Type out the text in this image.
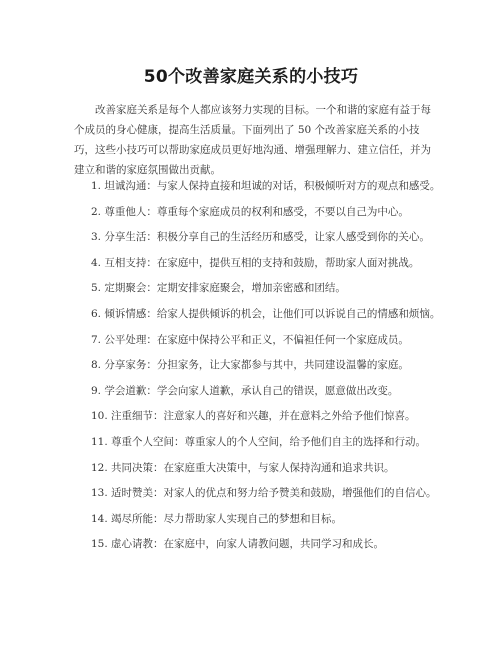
50个改善家庭关系的小技巧

改善家庭关系是每个人都应该努力实现的目标。一个和谐的家庭有益于每个成员的身心健康，提高生活质量。下面列出了 50 个改善家庭关系的小技巧，这些小技巧可以帮助家庭成员更好地沟通、增强理解力、建立信任，并为建立和谐的家庭氛围做出贡献。

1. 坦诚沟通：与家人保持直接和坦诚的对话，积极倾听对方的观点和感受。
2. 尊重他人：尊重每个家庭成员的权利和感受，不要以自己为中心。
3. 分享生活：积极分享自己的生活经历和感受，让家人感受到你的关心。
4. 互相支持：在家庭中，提供互相的支持和鼓励，帮助家人面对挑战。
5. 定期聚会：定期安排家庭聚会，增加亲密感和团结。
6. 倾诉情感：给家人提供倾诉的机会，让他们可以诉说自己的情感和烦恼。
7. 公平处理：在家庭中保持公平和正义，不偏袒任何一个家庭成员。
8. 分享家务：分担家务，让大家都参与其中，共同建设温馨的家庭。
9. 学会道歉：学会向家人道歉，承认自己的错误，愿意做出改变。
10. 注重细节：注意家人的喜好和兴趣，并在意料之外给予他们惊喜。
11. 尊重个人空间：尊重家人的个人空间，给予他们自主的选择和行动。
12. 共同决策：在家庭重大决策中，与家人保持沟通和追求共识。
13. 适时赞美：对家人的优点和努力给予赞美和鼓励，增强他们的自信心。
14. 竭尽所能：尽力帮助家人实现自己的梦想和目标。
15. 虚心请教：在家庭中，向家人请教问题，共同学习和成长。
